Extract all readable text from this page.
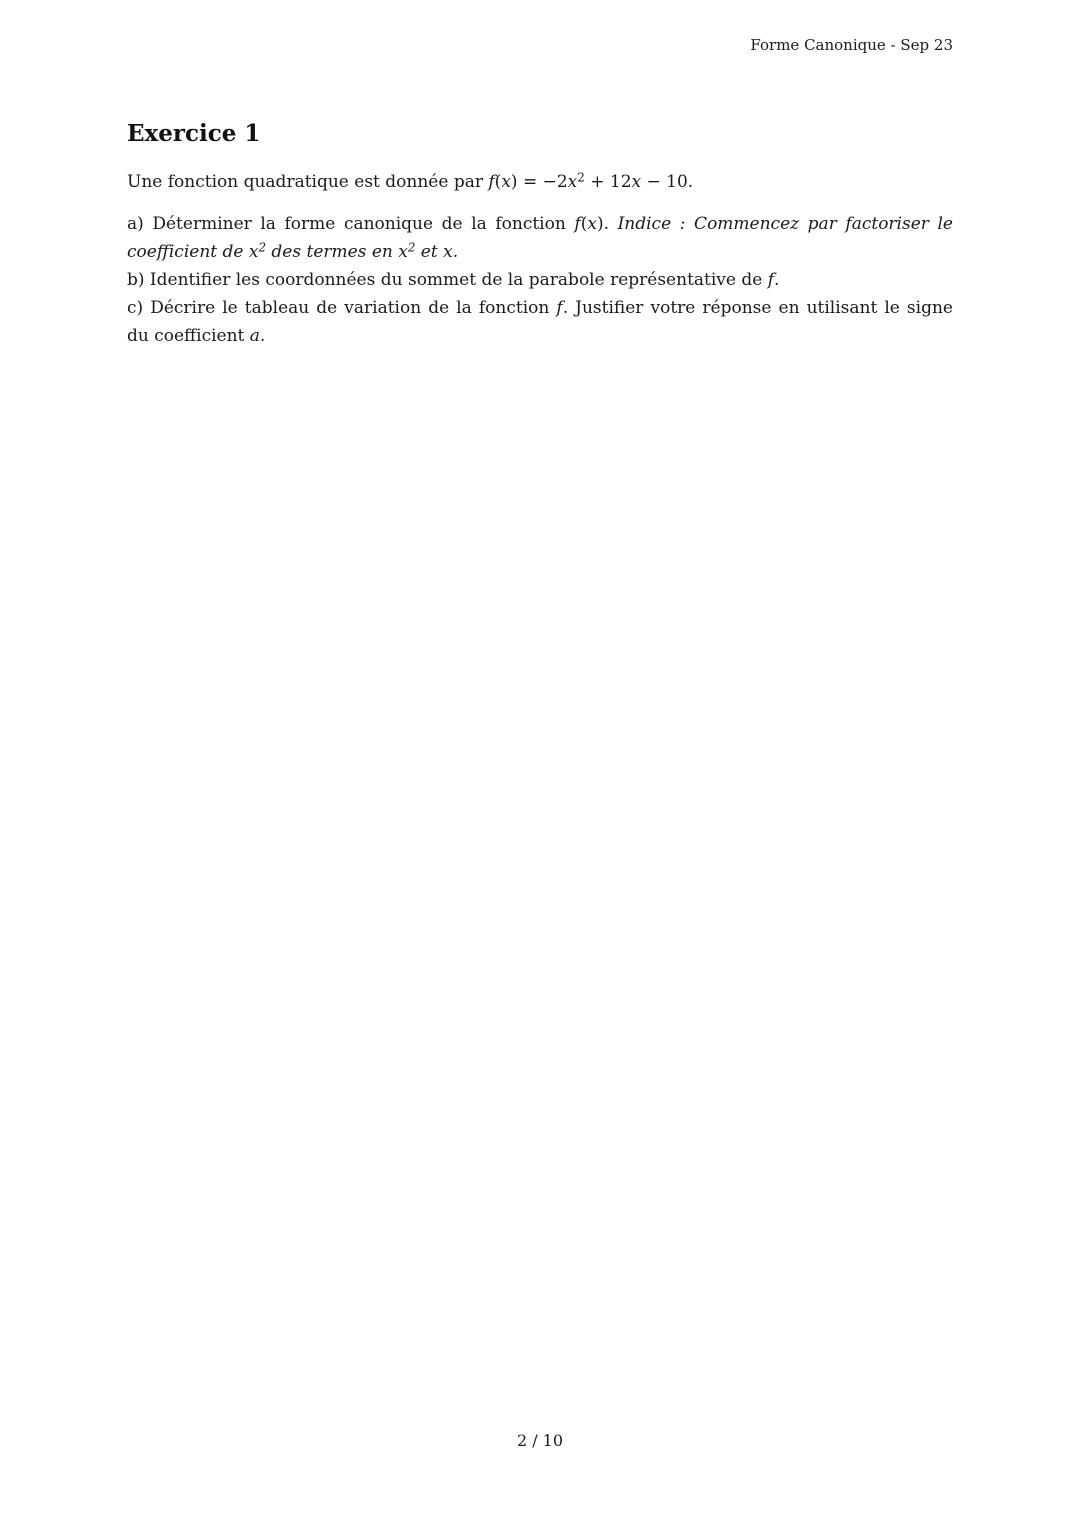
Forme Canonique - Sep 23
Exercice 1

Une fonction quadratique est donnée par $f(x) = -2x^2 + 12x - 10$.

a) Déterminer la forme canonique de la fonction f(x). Indice : Commencez par factoriser le coefficient de $x^2$ des termes en $x^2$ et x.

b) Identifier les coordonnées du sommet de la parabole représentative de f.

c) Décrire le tableau de variation de la fonction f. Justifier votre réponse en utilisant le signe du coefficient a.

2 / 10
